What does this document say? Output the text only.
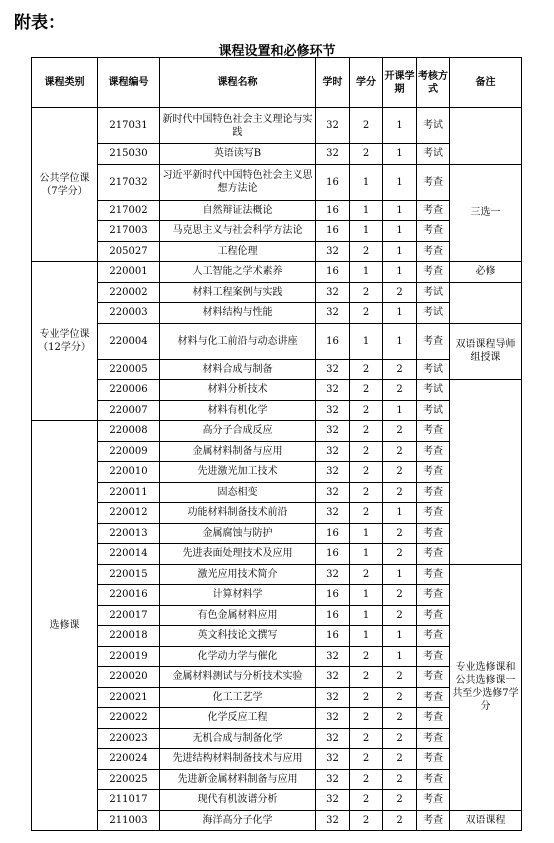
附表：
课程设置和必修环节
课程类别	课程编号	课程名称	学时	学分	开课学期	考核方式	备注
公共学位课（7学分）	217031	新时代中国特色社会主义理论与实践	32	2	1	考试	
	215030	英语读写B	32	2	1	考试	
	217032	习近平新时代中国特色社会主义思想方法论	16	1	1	考查	三选一
	217002	自然辩证法概论	16	1	1	考查	
	217003	马克思主义与社会科学方法论	16	1	1	考查	
	205027	工程伦理	32	2	1	考查	
专业学位课（12学分）	220001	人工智能之学术素养	16	1	1	考查	必修
	220002	材料工程案例与实践	32	2	2	考试	
	220003	材料结构与性能	32	2	1	考试	
	220004	材料与化工前沿与动态讲座	16	1	1	考查	双语课程导师组授课
	220005	材料合成与制备	32	2	2	考试	
	220006	材料分析技术	32	2	2	考试	
	220007	材料有机化学	32	2	1	考试	
选修课	220008	高分子合成反应	32	2	2	考查	
	220009	金属材料制备与应用	32	2	2	考查	
	220010	先进激光加工技术	32	2	2	考查	
	220011	固态相变	32	2	2	考查	
	220012	功能材料制备技术前沿	32	2	1	考查	
	220013	金属腐蚀与防护	16	1	2	考查	
	220014	先进表面处理技术及应用	16	1	2	考查	
	220015	激光应用技术简介	32	2	1	考查	专业选修课和公共选修课一共至少选修7学分
	220016	计算材料学	16	1	2	考查	
	220017	有色金属材料应用	16	1	2	考查	
	220018	英文科技论文撰写	16	1	1	考查	
	220019	化学动力学与催化	32	2	1	考查	
	220020	金属材料测试与分析技术实验	32	2	2	考查	
	220021	化工工艺学	32	2	2	考查	
	220022	化学反应工程	32	2	2	考查	
	220023	无机合成与制备化学	32	2	2	考查	
	220024	先进结构材料制备技术与应用	32	2	2	考查	
	220025	先进新金属材料制备与应用	32	2	2	考查	
	211017	现代有机波谱分析	32	2	2	考查	
	211003	海洋高分子化学	32	2	2	考查	双语课程
